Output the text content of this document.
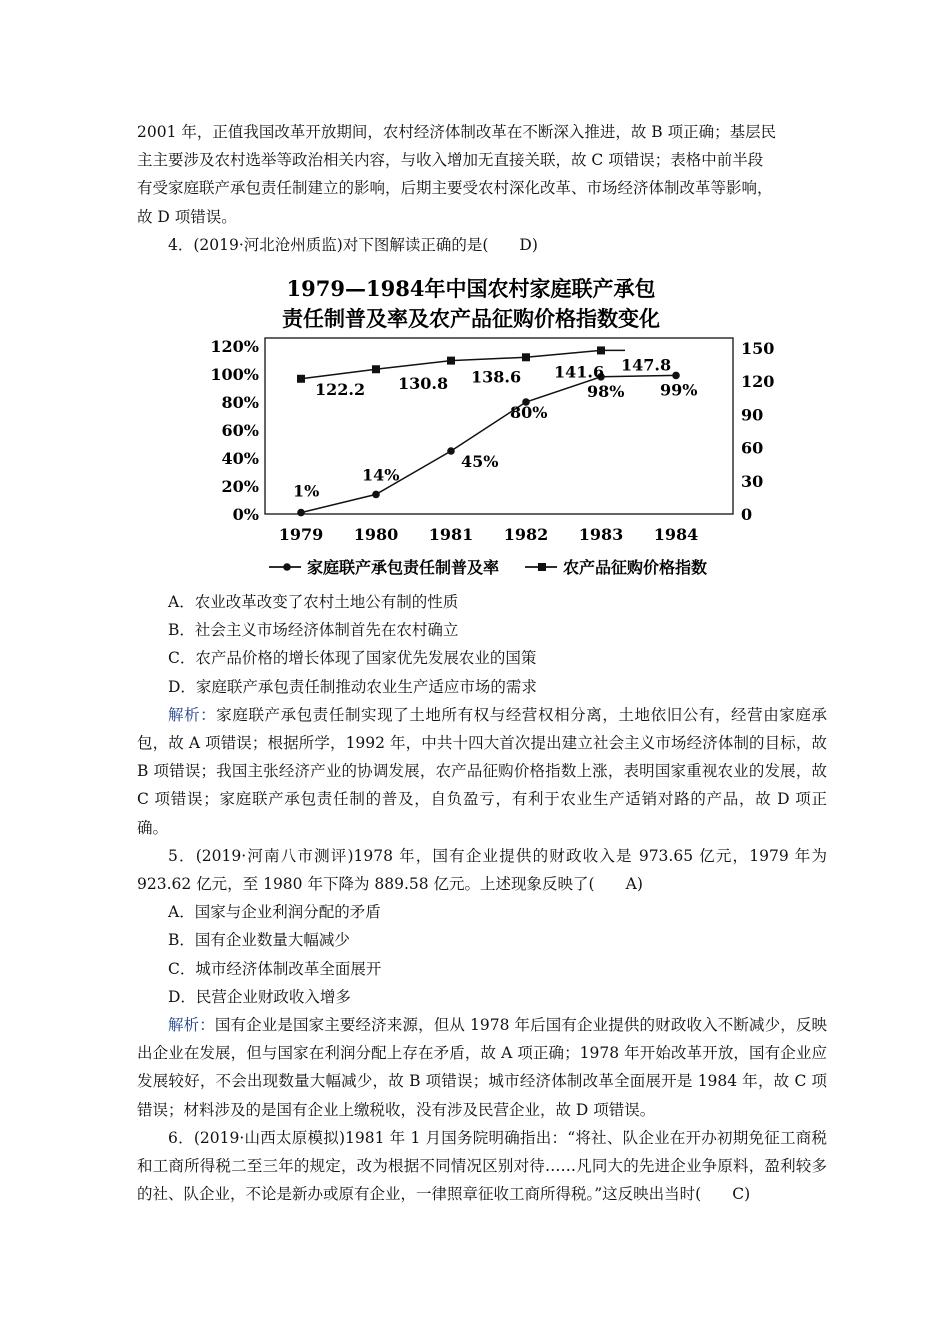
2001 年，正值我国改革开放期间，农村经济体制改革在不断深入推进，故 B 项正确；基层民

主主要涉及农村选举等政治相关内容，与收入增加无直接关联，故 C 项错误；表格中前半段

有受家庭联产承包责任制建立的影响，后期主要受农村深化改革、市场经济体制改革等影响，

故 D 项错误。

4．(2019·河北沧州质监)对下图解读正确的是( D)

1979—1984年中国农村家庭联产承包
责任制普及率及农产品征购价格指数变化
0%
20%
40%
60%
80%
100%
120%
0
30
60
90
120
150
1979 1980 1981 1982 1983 1984
1%
14%
45%
80%
98% 99%
122.2 130.8 138.6 141.6 147.8
家庭联产承包责任制普及率	农产品征购价格指数

A．农业改革改变了农村土地公有制的性质

B．社会主义市场经济体制首先在农村确立

C．农产品价格的增长体现了国家优先发展农业的国策

D．家庭联产承包责任制推动农业生产适应市场的需求

解析：家庭联产承包责任制实现了土地所有权与经营权相分离，土地依旧公有，经营由家庭承包，故 A 项错误；根据所学，1992 年，中共十四大首次提出建立社会主义市场经济体制的目标，故 B 项错误；我国主张经济产业的协调发展，农产品征购价格指数上涨，表明国家重视农业的发展，故 C 项错误；家庭联产承包责任制的普及，自负盈亏，有利于农业生产适销对路的产品，故 D 项正确。

5．(2019·河南八市测评)1978 年，国有企业提供的财政收入是 973.65 亿元，1979 年为 923.62 亿元，至 1980 年下降为 889.58 亿元。上述现象反映了( A)

A．国家与企业利润分配的矛盾

B．国有企业数量大幅减少

C．城市经济体制改革全面展开

D．民营企业财政收入增多

解析：国有企业是国家主要经济来源，但从 1978 年后国有企业提供的财政收入不断减少，反映出企业在发展，但与国家在利润分配上存在矛盾，故 A 项正确；1978 年开始改革开放，国有企业应发展较好，不会出现数量大幅减少，故 B 项错误；城市经济体制改革全面展开是 1984 年，故 C 项错误；材料涉及的是国有企业上缴税收，没有涉及民营企业，故 D 项错误。

6．(2019·山西太原模拟)1981 年 1 月国务院明确指出：“将社、队企业在开办初期免征工商税和工商所得税二至三年的规定，改为根据不同情况区别对待……凡同大的先进企业争原料，盈利较多的社、队企业，不论是新办或原有企业，一律照章征收工商所得税。”这反映出当时( C)
